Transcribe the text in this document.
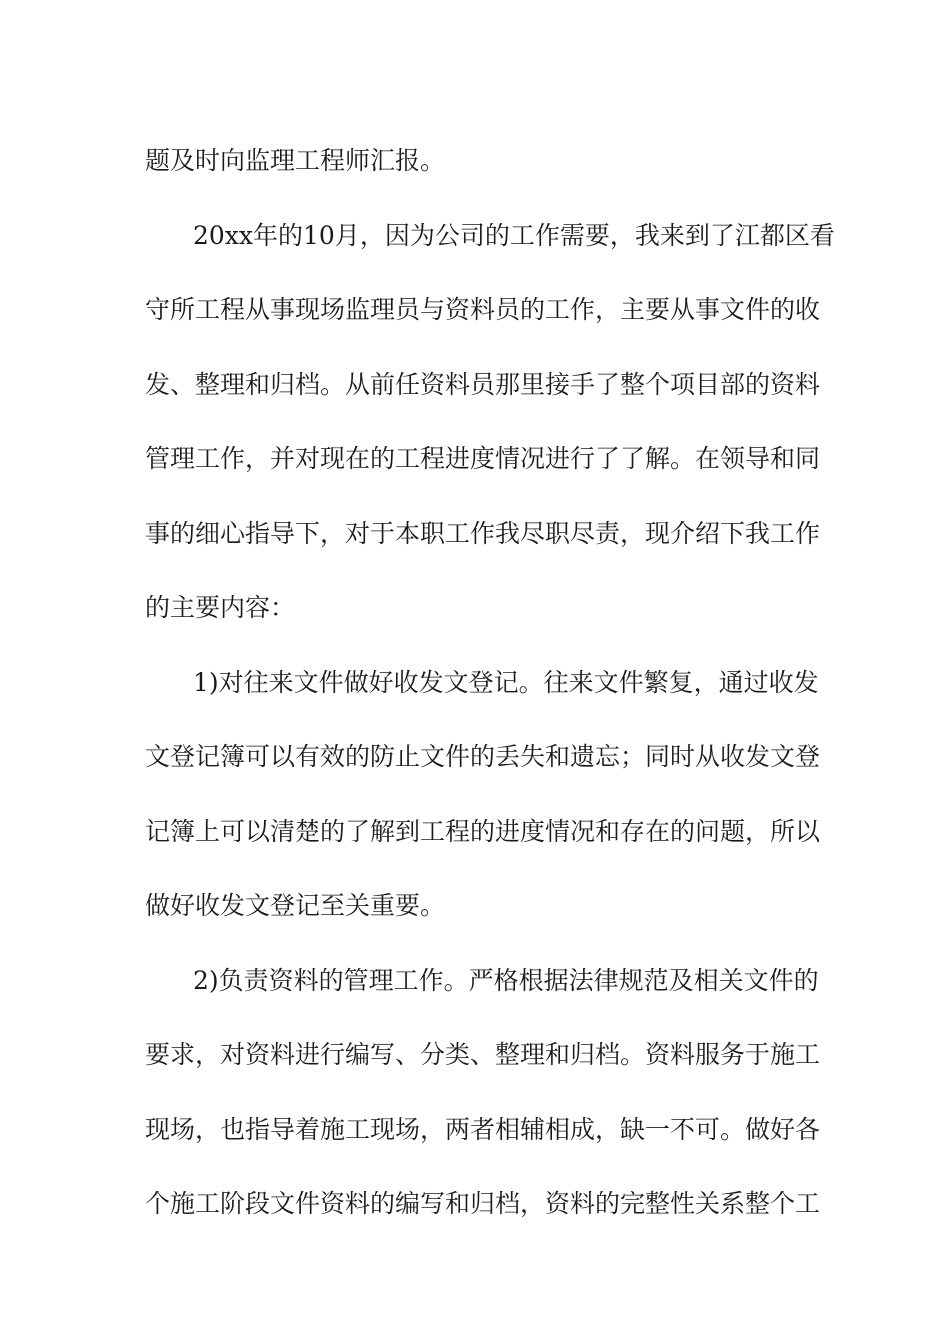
题及时向监理工程师汇报。
20xx年的10月，因为公司的工作需要，我来到了江都区看
守所工程从事现场监理员与资料员的工作，主要从事文件的收
发、整理和归档。从前任资料员那里接手了整个项目部的资料
管理工作，并对现在的工程进度情况进行了了解。在领导和同
事的细心指导下，对于本职工作我尽职尽责，现介绍下我工作
的主要内容：
1)对往来文件做好收发文登记。往来文件繁复，通过收发
文登记簿可以有效的防止文件的丢失和遗忘；同时从收发文登
记簿上可以清楚的了解到工程的进度情况和存在的问题，所以
做好收发文登记至关重要。
2)负责资料的管理工作。严格根据法律规范及相关文件的
要求，对资料进行编写、分类、整理和归档。资料服务于施工
现场，也指导着施工现场，两者相辅相成，缺一不可。做好各
个施工阶段文件资料的编写和归档，资料的完整性关系整个工
